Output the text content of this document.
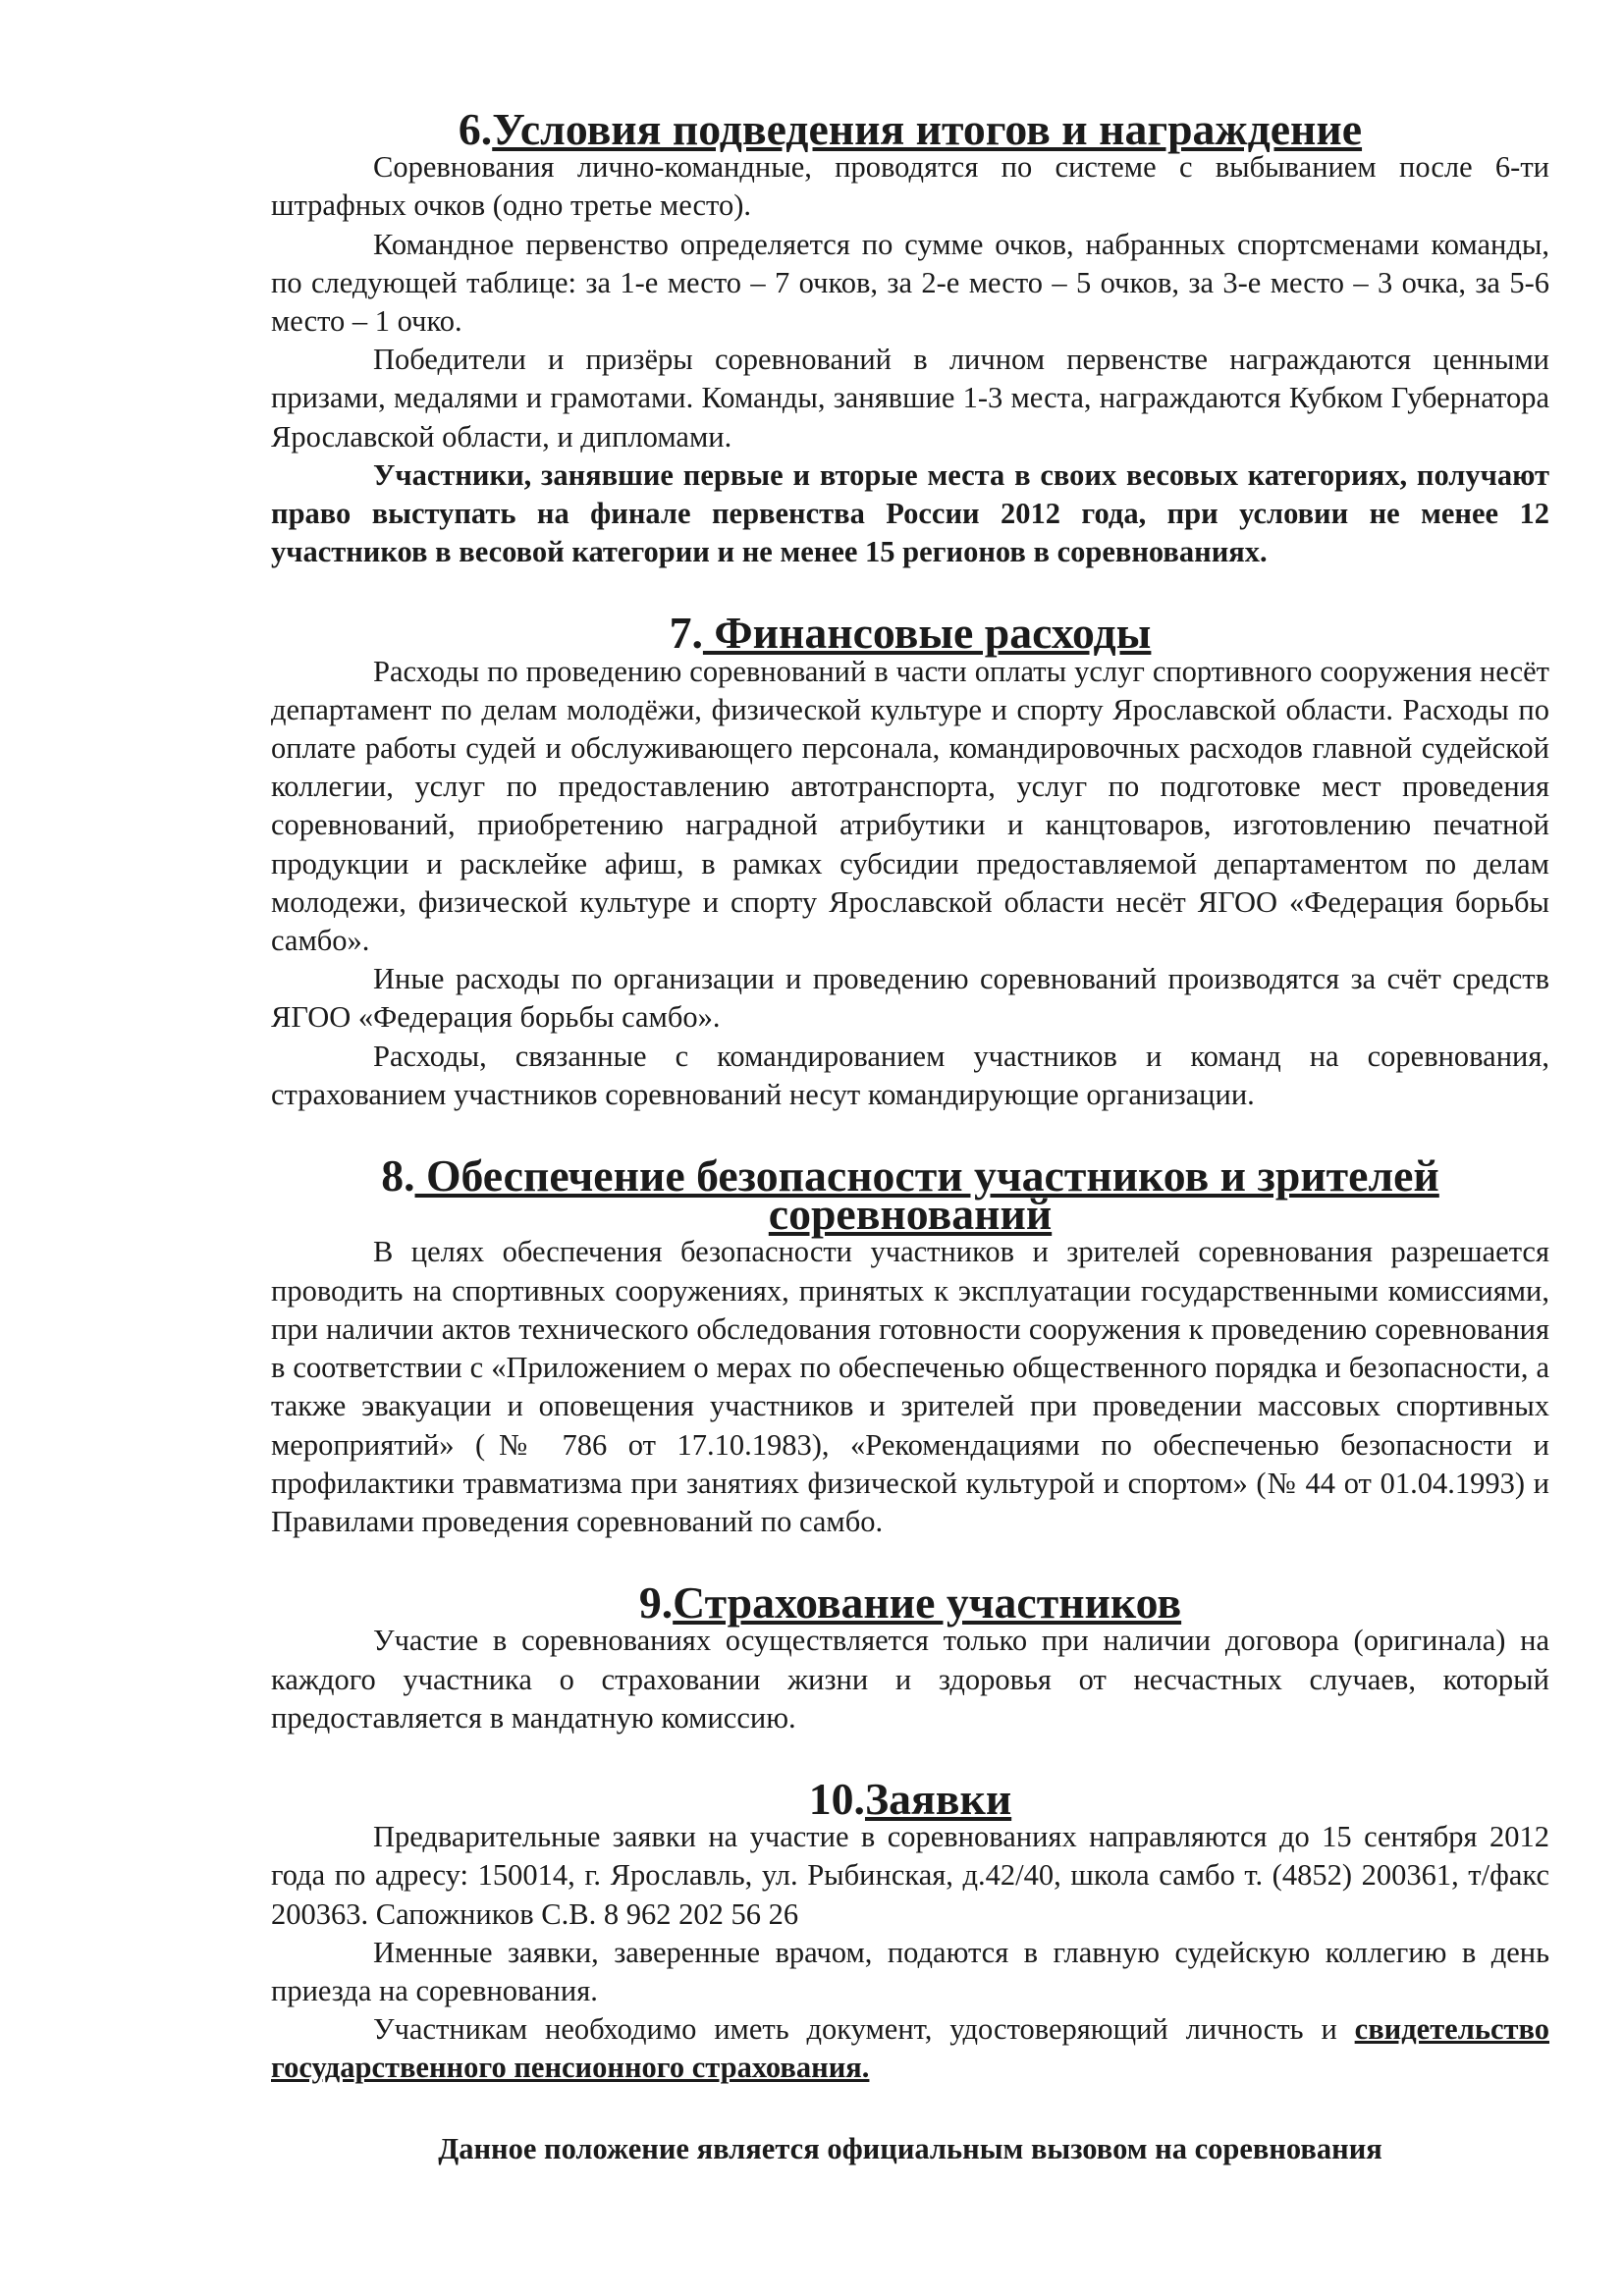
6.Условия подведения итогов и награждение

Соревнования лично-командные, проводятся по системе с выбыванием после 6-ти штрафных очков (одно третье место).

Командное первенство определяется по сумме очков, набранных спортсменами команды, по следующей таблице: за 1-е место – 7 очков, за 2-е место – 5 очков, за 3-е место – 3 очка, за 5-6 место – 1 очко.

Победители и призёры соревнований в личном первенстве награждаются ценными призами, медалями и грамотами. Команды, занявшие 1-3 места, награждаются Кубком Губернатора Ярославской области, и дипломами.

Участники, занявшие первые и вторые места в своих весовых категориях, получают право выступать на финале первенства России 2012 года, при условии не менее 12 участников в весовой категории и не менее 15 регионов в соревнованиях.

7. Финансовые расходы

Расходы по проведению соревнований в части оплаты услуг спортивного сооружения несёт департамент по делам молодёжи, физической культуре и спорту Ярославской области. Расходы по оплате работы судей и обслуживающего персонала, командировочных расходов главной судейской коллегии, услуг по предоставлению автотранспорта, услуг по подготовке мест проведения соревнований, приобретению наградной атрибутики и канцтоваров, изготовлению печатной продукции и расклейке афиш, в рамках субсидии предоставляемой департаментом по делам молодежи, физической культуре и спорту Ярославской области несёт ЯГОО «Федерация борьбы самбо».

Иные расходы по организации и проведению соревнований производятся за счёт средств ЯГОО «Федерация борьбы самбо».

Расходы, связанные с командированием участников и команд на соревнования, страхованием участников соревнований несут командирующие организации.

8. Обеспечение безопасности участников и зрителей соревнований

В целях обеспечения безопасности участников и зрителей соревнования разрешается проводить на спортивных сооружениях, принятых к эксплуатации государственными комиссиями, при наличии актов технического обследования готовности сооружения к проведению соревнования в соответствии с «Приложением о мерах по обеспеченью общественного порядка и безопасности, а также эвакуации и оповещения участников и зрителей при проведении массовых спортивных мероприятий» (№ 786 от 17.10.1983), «Рекомендациями по обеспеченью безопасности и профилактики травматизма при занятиях физической культурой и спортом» (№ 44 от 01.04.1993) и Правилами проведения соревнований по самбо.

9.Страхование участников

Участие в соревнованиях осуществляется только при наличии договора (оригинала) на каждого участника о страховании жизни и здоровья от несчастных случаев, который предоставляется в мандатную комиссию.

10.Заявки

Предварительные заявки на участие в соревнованиях направляются до 15 сентября 2012 года по адресу: 150014, г. Ярославль, ул. Рыбинская, д.42/40, школа самбо т. (4852) 200361, т/факс 200363. Сапожников С.В. 8 962 202 56 26

Именные заявки, заверенные врачом, подаются в главную судейскую коллегию в день приезда на соревнования.

Участникам необходимо иметь документ, удостоверяющий личность и свидетельство государственного пенсионного страхования.

Данное положение является официальным вызовом на соревнования
